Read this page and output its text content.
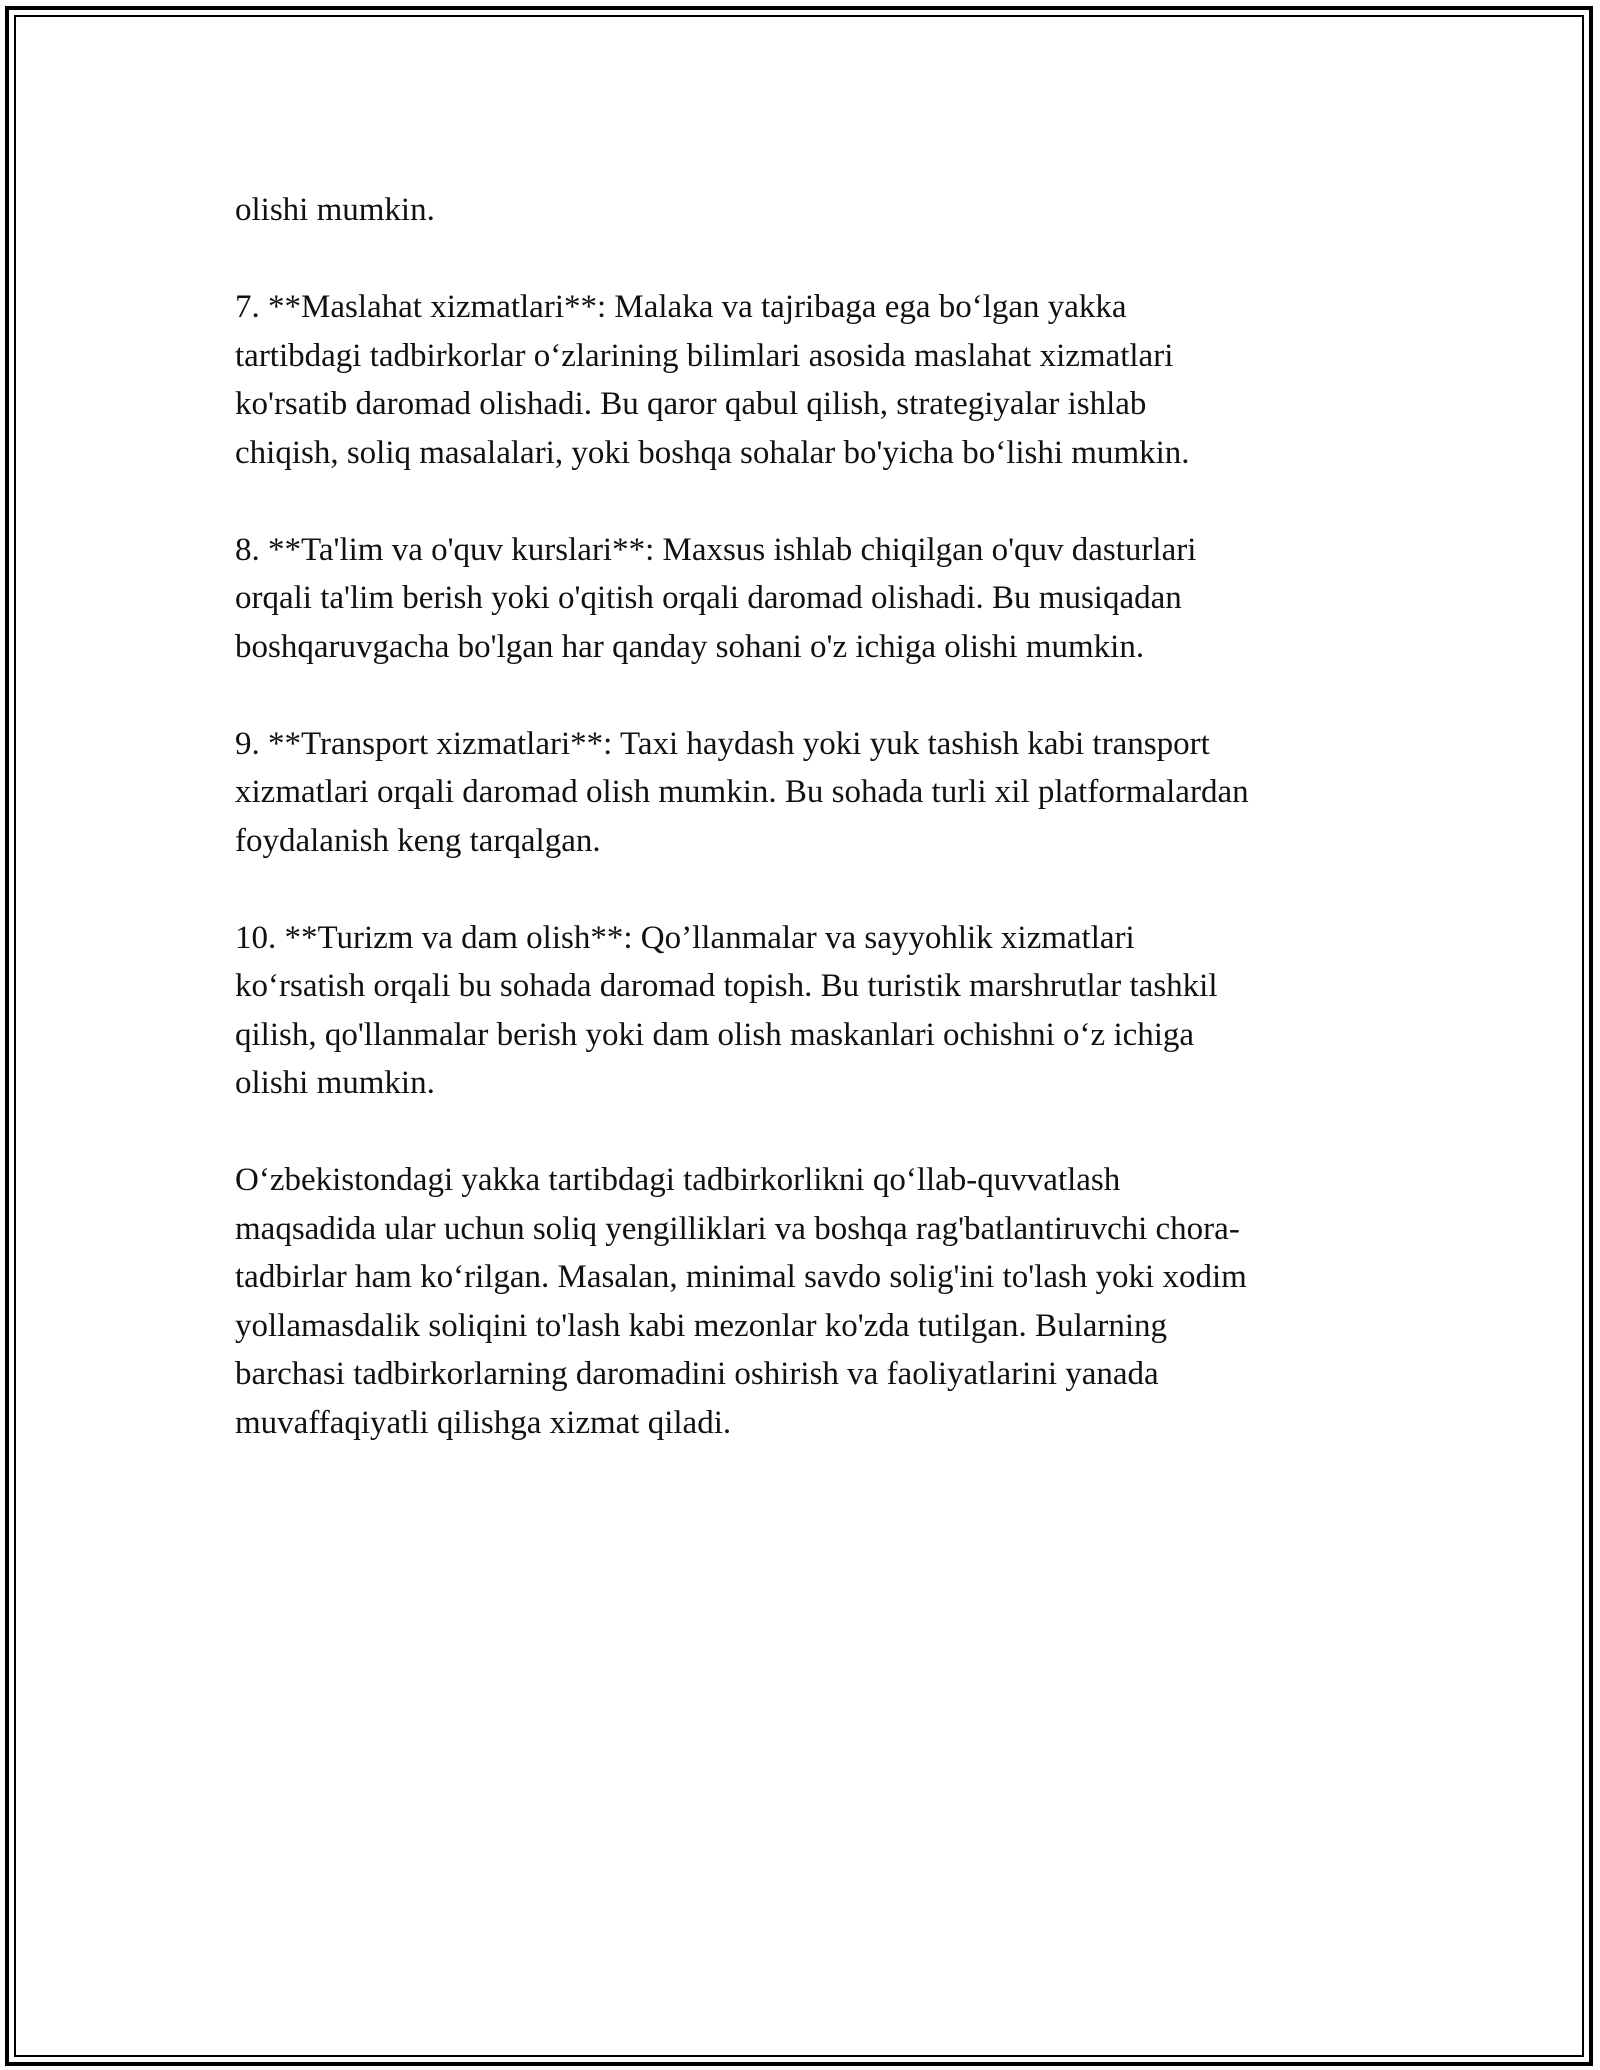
olishi mumkin.

7. **Maslahat xizmatlari**: Malaka va tajribaga ega bo‘lgan yakka
tartibdagi tadbirkorlar o‘zlarining bilimlari asosida maslahat xizmatlari
ko'rsatib daromad olishadi. Bu qaror qabul qilish, strategiyalar ishlab
chiqish, soliq masalalari, yoki boshqa sohalar bo'yicha bo‘lishi mumkin.

8. **Ta'lim va o'quv kurslari**: Maxsus ishlab chiqilgan o'quv dasturlari
orqali ta'lim berish yoki o'qitish orqali daromad olishadi. Bu musiqadan
boshqaruvgacha bo'lgan har qanday sohani o'z ichiga olishi mumkin.

9. **Transport xizmatlari**: Taxi haydash yoki yuk tashish kabi transport
xizmatlari orqali daromad olish mumkin. Bu sohada turli xil platformalardan
foydalanish keng tarqalgan.

10. **Turizm va dam olish**: Qo’llanmalar va sayyohlik xizmatlari
ko‘rsatish orqali bu sohada daromad topish. Bu turistik marshrutlar tashkil
qilish, qo'llanmalar berish yoki dam olish maskanlari ochishni o‘z ichiga
olishi mumkin.

O‘zbekistondagi yakka tartibdagi tadbirkorlikni qo‘llab-quvvatlash
maqsadida ular uchun soliq yengilliklari va boshqa rag'batlantiruvchi chora-
tadbirlar ham ko‘rilgan. Masalan, minimal savdo solig'ini to'lash yoki xodim
yollamasdalik soliqini to'lash kabi mezonlar ko'zda tutilgan. Bularning
barchasi tadbirkorlarning daromadini oshirish va faoliyatlarini yanada
muvaffaqiyatli qilishga xizmat qiladi.
